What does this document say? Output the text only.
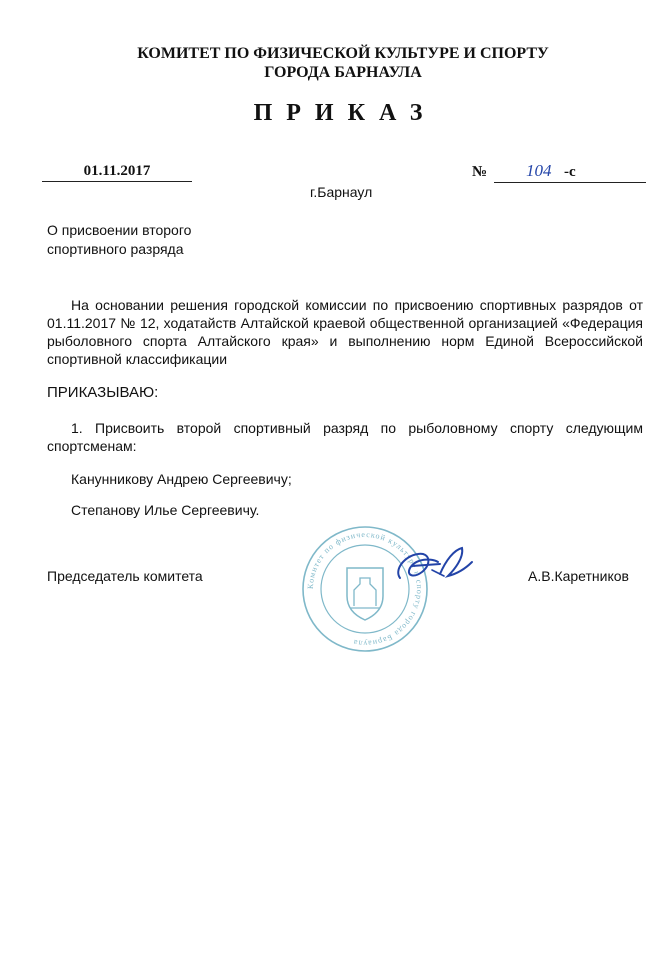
КОМИТЕТ ПО ФИЗИЧЕСКОЙ КУЛЬТУРЕ И СПОРТУ
ГОРОДА БАРНАУЛА
ПРИКАЗ
01.11.2017	№ 104 -с
г.Барнаул
О присвоении второго
спортивного разряда

На основании решения городской комиссии по присвоению спортивных разрядов от 01.11.2017 № 12, ходатайств Алтайской краевой общественной организацией «Федерация рыболовного спорта Алтайского края» и выполнению норм Единой Всероссийской спортивной классификации

ПРИКАЗЫВАЮ:

1. Присвоить второй спортивный разряд по рыболовному спорту следующим спортсменам:

Канунникову Андрею Сергеевичу;
Степанову Илье Сергеевичу.
Комитет по физической культуре и спорту города Барнаула
Председатель комитета	А.В.Каретников
